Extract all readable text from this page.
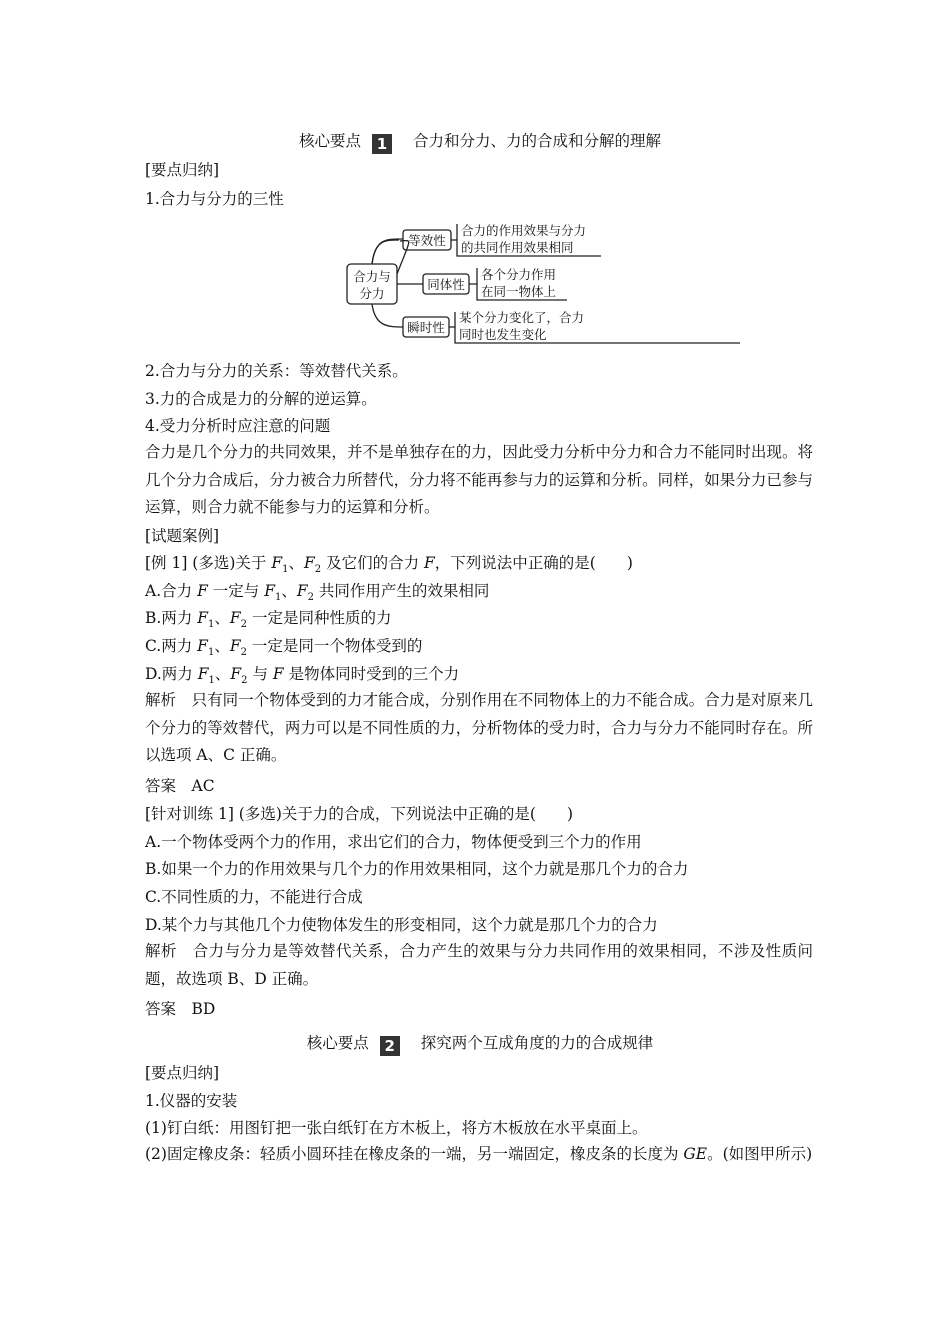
核心要点 1 合力和分力、力的合成和分解的理解
[要点归纳]
1.合力与分力的三性
合力与
分力
等效性
同体性
瞬时性
合力的作用效果与分力
的共同作用效果相同
各个分力作用
在同一物体上
某个分力变化了，合力
同时也发生变化
2.合力与分力的关系：等效替代关系。
3.力的合成是力的分解的逆运算。
4.受力分析时应注意的问题
合力是几个分力的共同效果，并不是单独存在的力，因此受力分析中分力和合力不能同时出现。将几个分力合成后，分力被合力所替代，分力将不能再参与力的运算和分析。同样，如果分力已参与运算，则合力就不能参与力的运算和分析。
[试题案例]
[例 1] (多选)关于 $F_1$、$F_2$ 及它们的合力 F，下列说法中正确的是(　　)
A.合力 F 一定与 $F_1$、$F_2$ 共同作用产生的效果相同
B.两力 $F_1$、$F_2$ 一定是同种性质的力
C.两力 $F_1$、$F_2$ 一定是同一个物体受到的
D.两力 $F_1$、$F_2$ 与 F 是物体同时受到的三个力
解析　只有同一个物体受到的力才能合成，分别作用在不同物体上的力不能合成。合力是对原来几个分力的等效替代，两力可以是不同性质的力，分析物体的受力时，合力与分力不能同时存在。所以选项 A、C 正确。
答案　AC
[针对训练 1] (多选)关于力的合成，下列说法中正确的是(　　)
A.一个物体受两个力的作用，求出它们的合力，物体便受到三个力的作用
B.如果一个力的作用效果与几个力的作用效果相同，这个力就是那几个力的合力
C.不同性质的力，不能进行合成
D.某个力与其他几个力使物体发生的形变相同，这个力就是那几个力的合力
解析　合力与分力是等效替代关系，合力产生的效果与分力共同作用的效果相同，不涉及性质问题，故选项 B、D 正确。
答案　BD
核心要点 2 探究两个互成角度的力的合成规律
[要点归纳]
1.仪器的安装
(1)钉白纸：用图钉把一张白纸钉在方木板上，将方木板放在水平桌面上。
(2)固定橡皮条：轻质小圆环挂在橡皮条的一端，另一端固定，橡皮条的长度为 GE。(如图甲所示)
